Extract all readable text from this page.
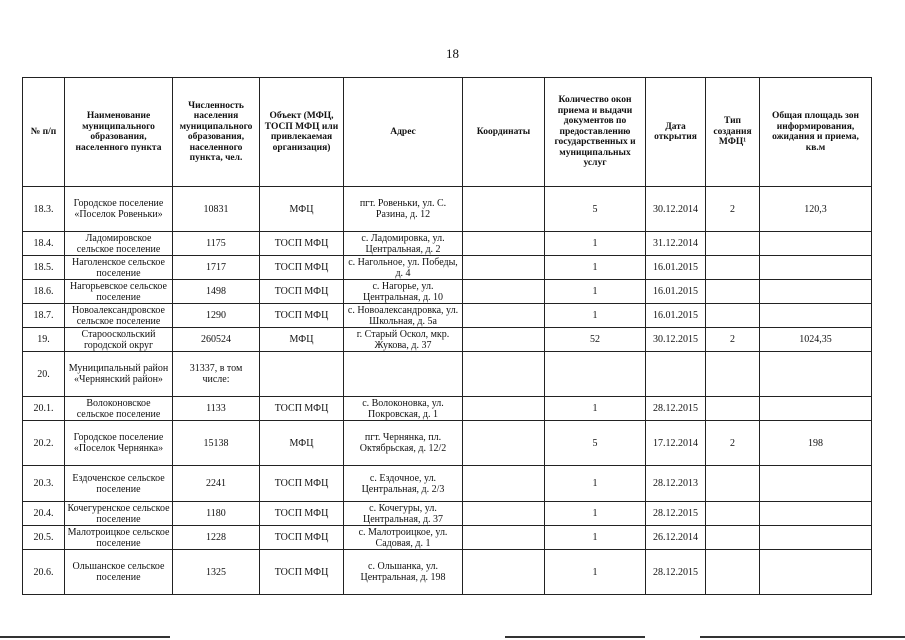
18
№ п/п	Наименование муниципального образования, населенного пункта	Численность населения муниципального образования, населенного пункта, чел.	Объект (МФЦ, ТОСП МФЦ или привлекаемая организация)	Адрес	Координаты	Количество окон приема и выдачи документов по предоставлению государственных и муниципальных услуг	Дата открытия	Тип создания МФЦ¹	Общая площадь зон информирования, ожидания и приема, кв.м
18.3.	Городское поселение «Поселок Ровеньки»	10831	МФЦ	пгт. Ровеньки, ул. С. Разина, д. 12		5	30.12.2014	2	120,3
18.4.	Ладомировское сельское поселение	1175	ТОСП МФЦ	с. Ладомировка, ул. Центральная, д. 2		1	31.12.2014		
18.5.	Наголенское сельское поселение	1717	ТОСП МФЦ	с. Нагольное, ул. Победы, д. 4		1	16.01.2015		
18.6.	Нагорьевское сельское поселение	1498	ТОСП МФЦ	с. Нагорье, ул. Центральная, д. 10		1	16.01.2015		
18.7.	Новоалександровское сельское поселение	1290	ТОСП МФЦ	с. Новоалександровка, ул. Школьная, д. 5а		1	16.01.2015		
19.	Старооскольский городской округ	260524	МФЦ	г. Старый Оскол, мкр. Жукова, д. 37		52	30.12.2015	2	1024,35
20.	Муниципальный район «Чернянский район»	31337, в том числе:							
20.1.	Волоконовское сельское поселение	1133	ТОСП МФЦ	с. Волоконовка, ул. Покровская, д. 1		1	28.12.2015		
20.2.	Городское поселение «Поселок Чернянка»	15138	МФЦ	пгт. Чернянка, пл. Октябрьская, д. 12/2		5	17.12.2014	2	198
20.3.	Ездоченское сельское поселение	2241	ТОСП МФЦ	с. Ездочное, ул. Центральная, д. 2/3		1	28.12.2013		
20.4.	Кочегуренское сельское поселение	1180	ТОСП МФЦ	с. Кочегуры, ул. Центральная, д. 37		1	28.12.2015		
20.5.	Малотроицкое сельское поселение	1228	ТОСП МФЦ	с. Малотроицкое, ул. Садовая, д. 1		1	26.12.2014		
20.6.	Ольшанское сельское поселение	1325	ТОСП МФЦ	с. Ольшанка, ул. Центральная, д. 198		1	28.12.2015		
